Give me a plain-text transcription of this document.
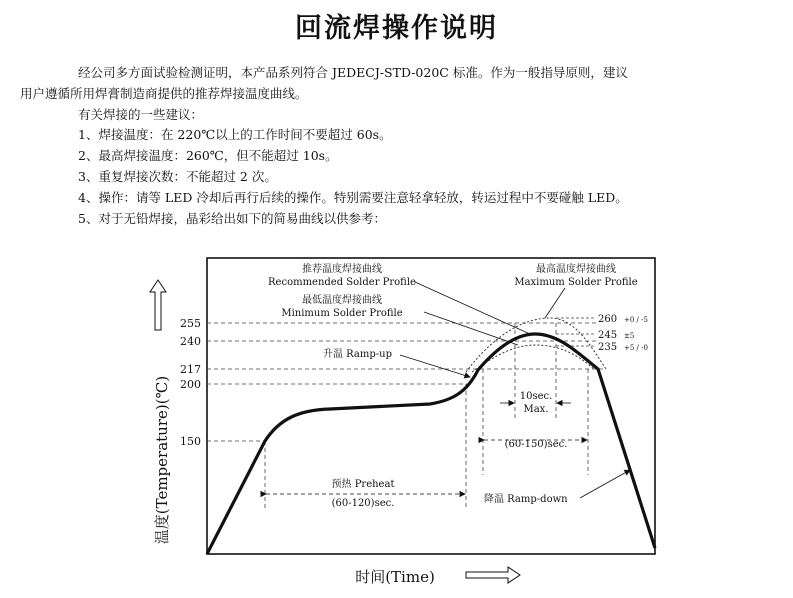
回流焊操作说明
经公司多方面试验检测证明，本产品系列符合 JEDECJ-STD-020C 标准。作为一般指导原则，建议
用户遵循所用焊膏制造商提供的推荐焊接温度曲线。
有关焊接的一些建议：
1、焊接温度：在 220℃以上的工作时间不要超过 60s。
2、最高焊接温度：260℃，但不能超过 10s。
3、重复焊接次数：不能超过 2 次。
4、操作：请等 LED 冷却后再行后续的操作。特别需要注意轻拿轻放，转运过程中不要碰触 LED。
5、对于无铅焊接，晶彩给出如下的简易曲线以供参考：
255
240
217
200
150
温度(Temperature)(℃)
时间(Time)
推荐温度焊接曲线
Recommended Solder Profile
最低温度焊接曲线
Minimum Solder Profile
最高温度焊接曲线
Maximum Solder Profile
升温 Ramp-up
预热 Preheat
(60-120)sec.
(60-150)sec.
10sec.
Max.
260
245
235
+0 / -5
±5
+5 / -0
降温 Ramp-down
